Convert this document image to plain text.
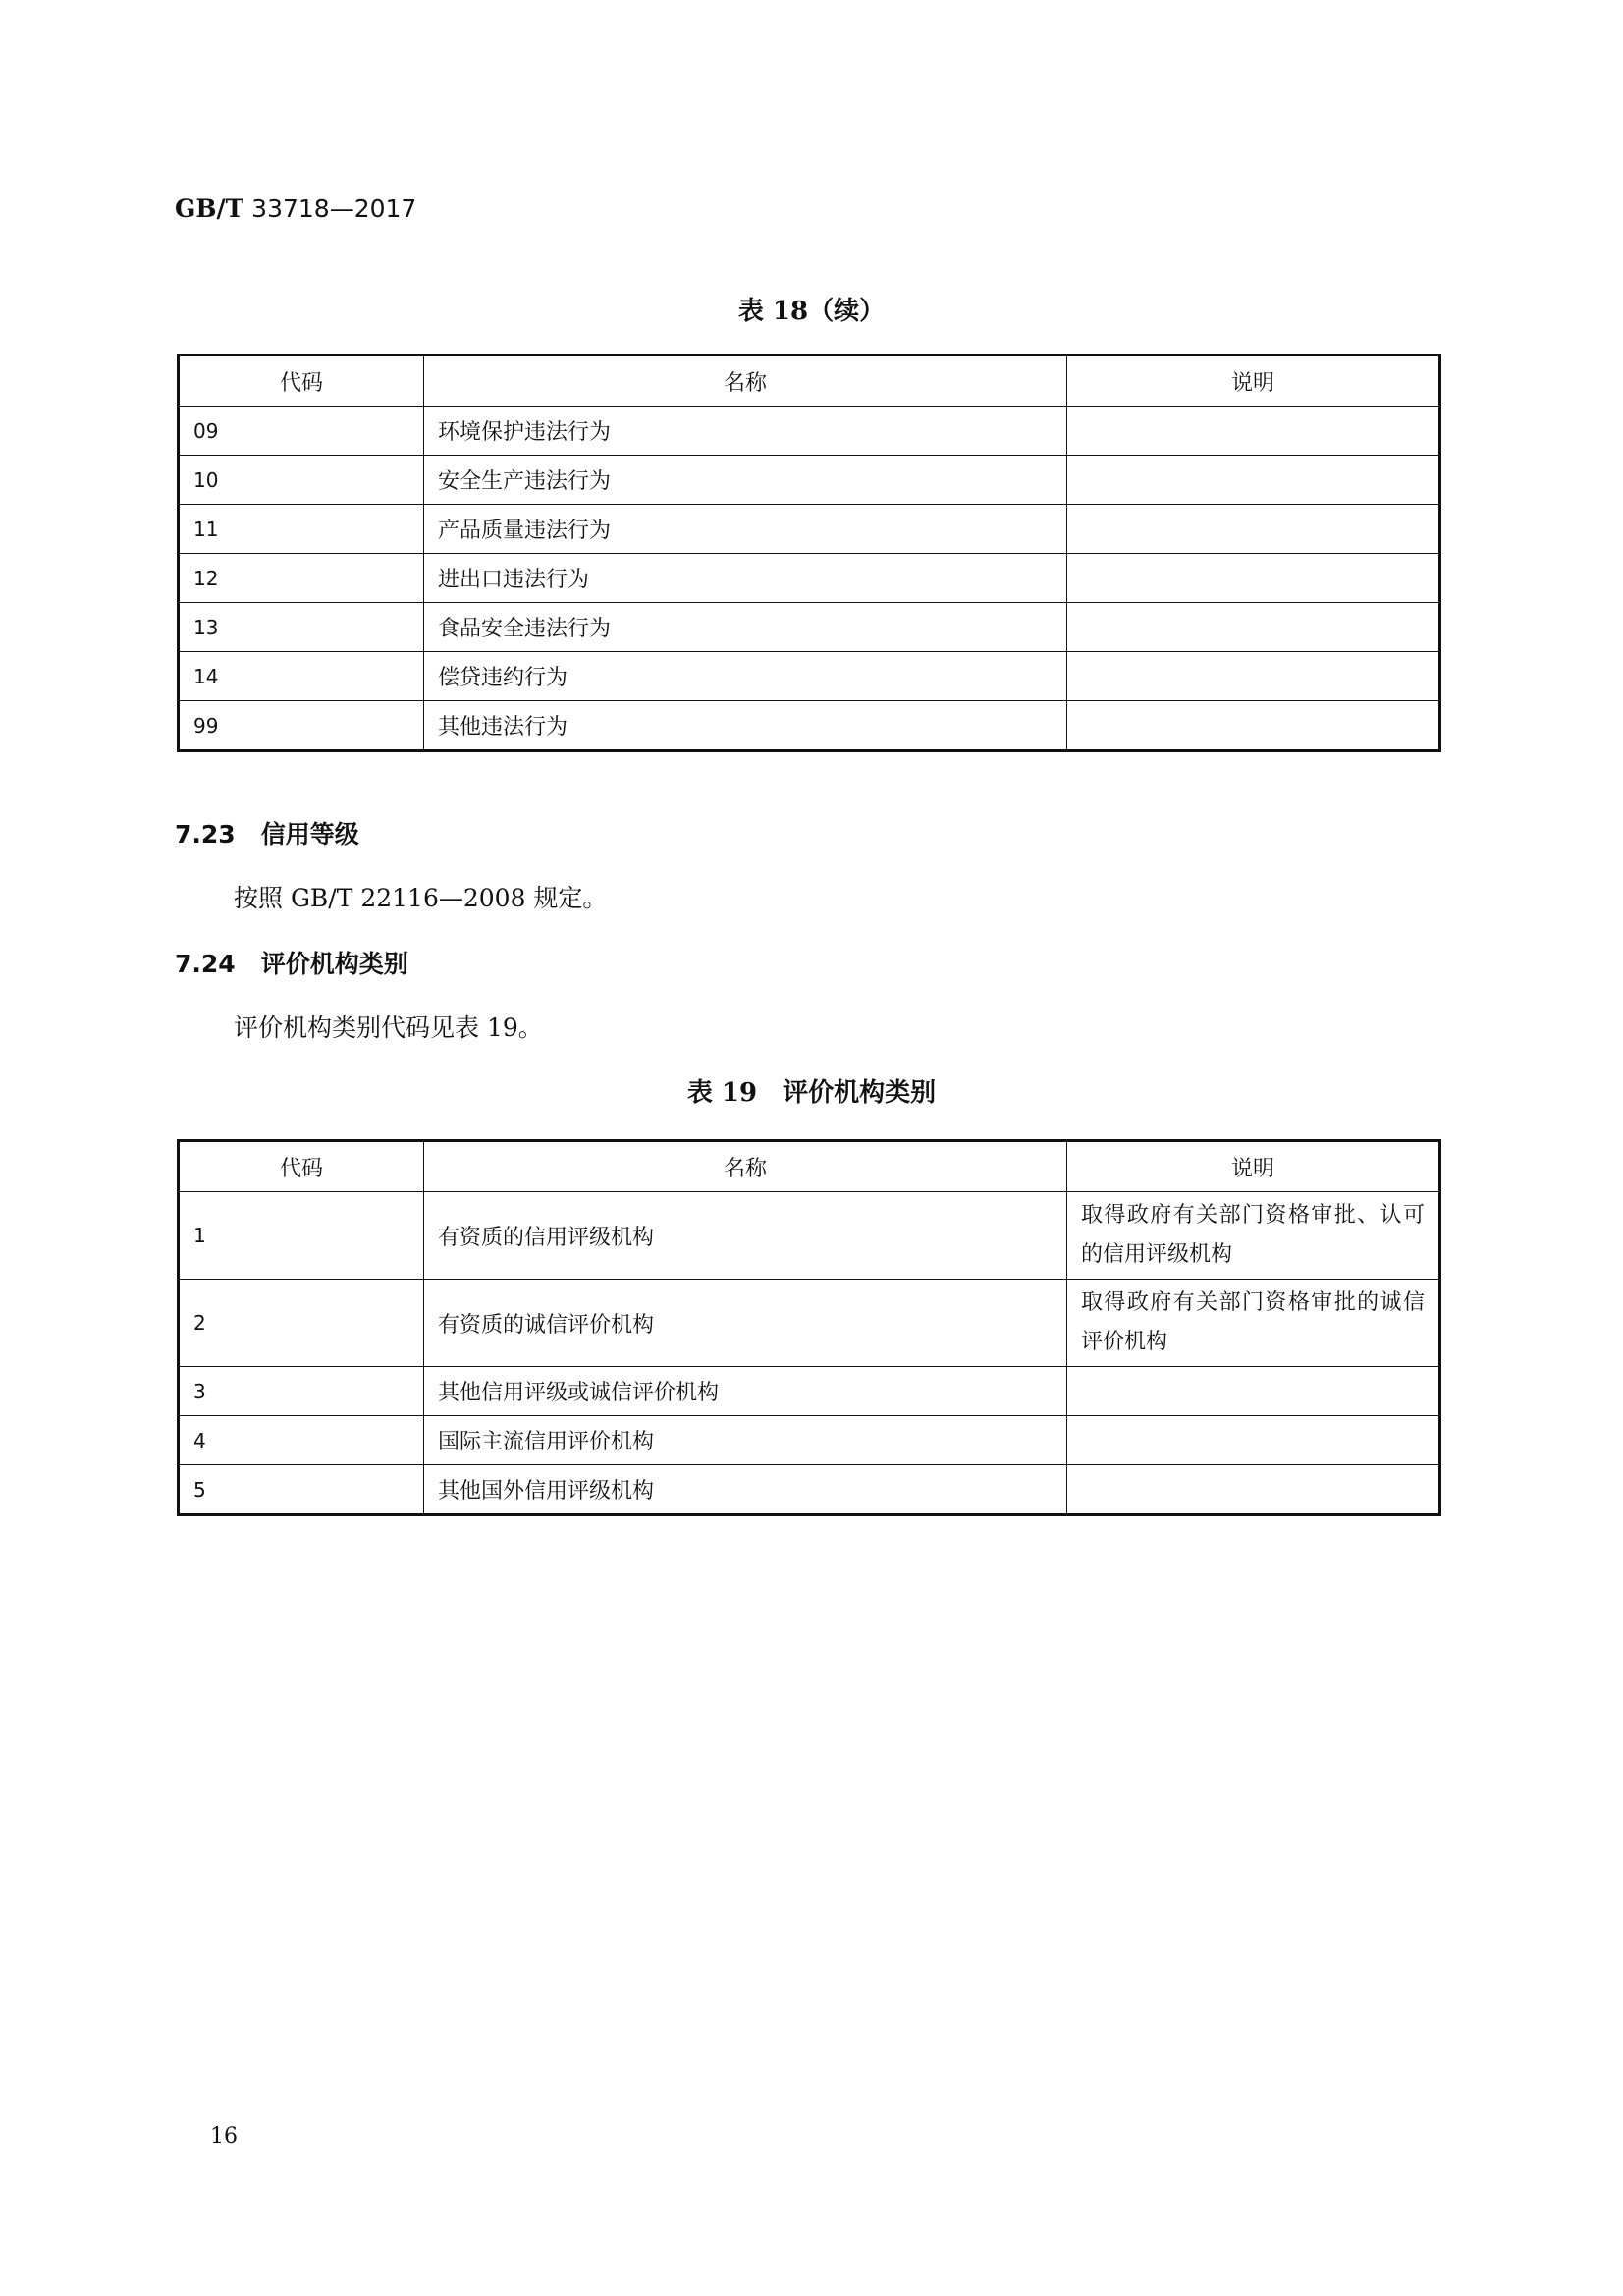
GB/T 33718—2017
表 18（续）
代码	名称	说明
09	环境保护违法行为	
10	安全生产违法行为	
11	产品质量违法行为	
12	进出口违法行为	
13	食品安全违法行为	
14	偿贷违约行为	
99	其他违法行为	
7.23 信用等级
按照 GB/T 22116—2008 规定。
7.24 评价机构类别
评价机构类别代码见表 19。
表 19　评价机构类别
代码	名称	说明
1	有资质的信用评级机构	取得政府有关部门资格审批、认可的信用评级机构
2	有资质的诚信评价机构	取得政府有关部门资格审批的诚信评价机构
3	其他信用评级或诚信评价机构	
4	国际主流信用评价机构	
5	其他国外信用评级机构	
16
